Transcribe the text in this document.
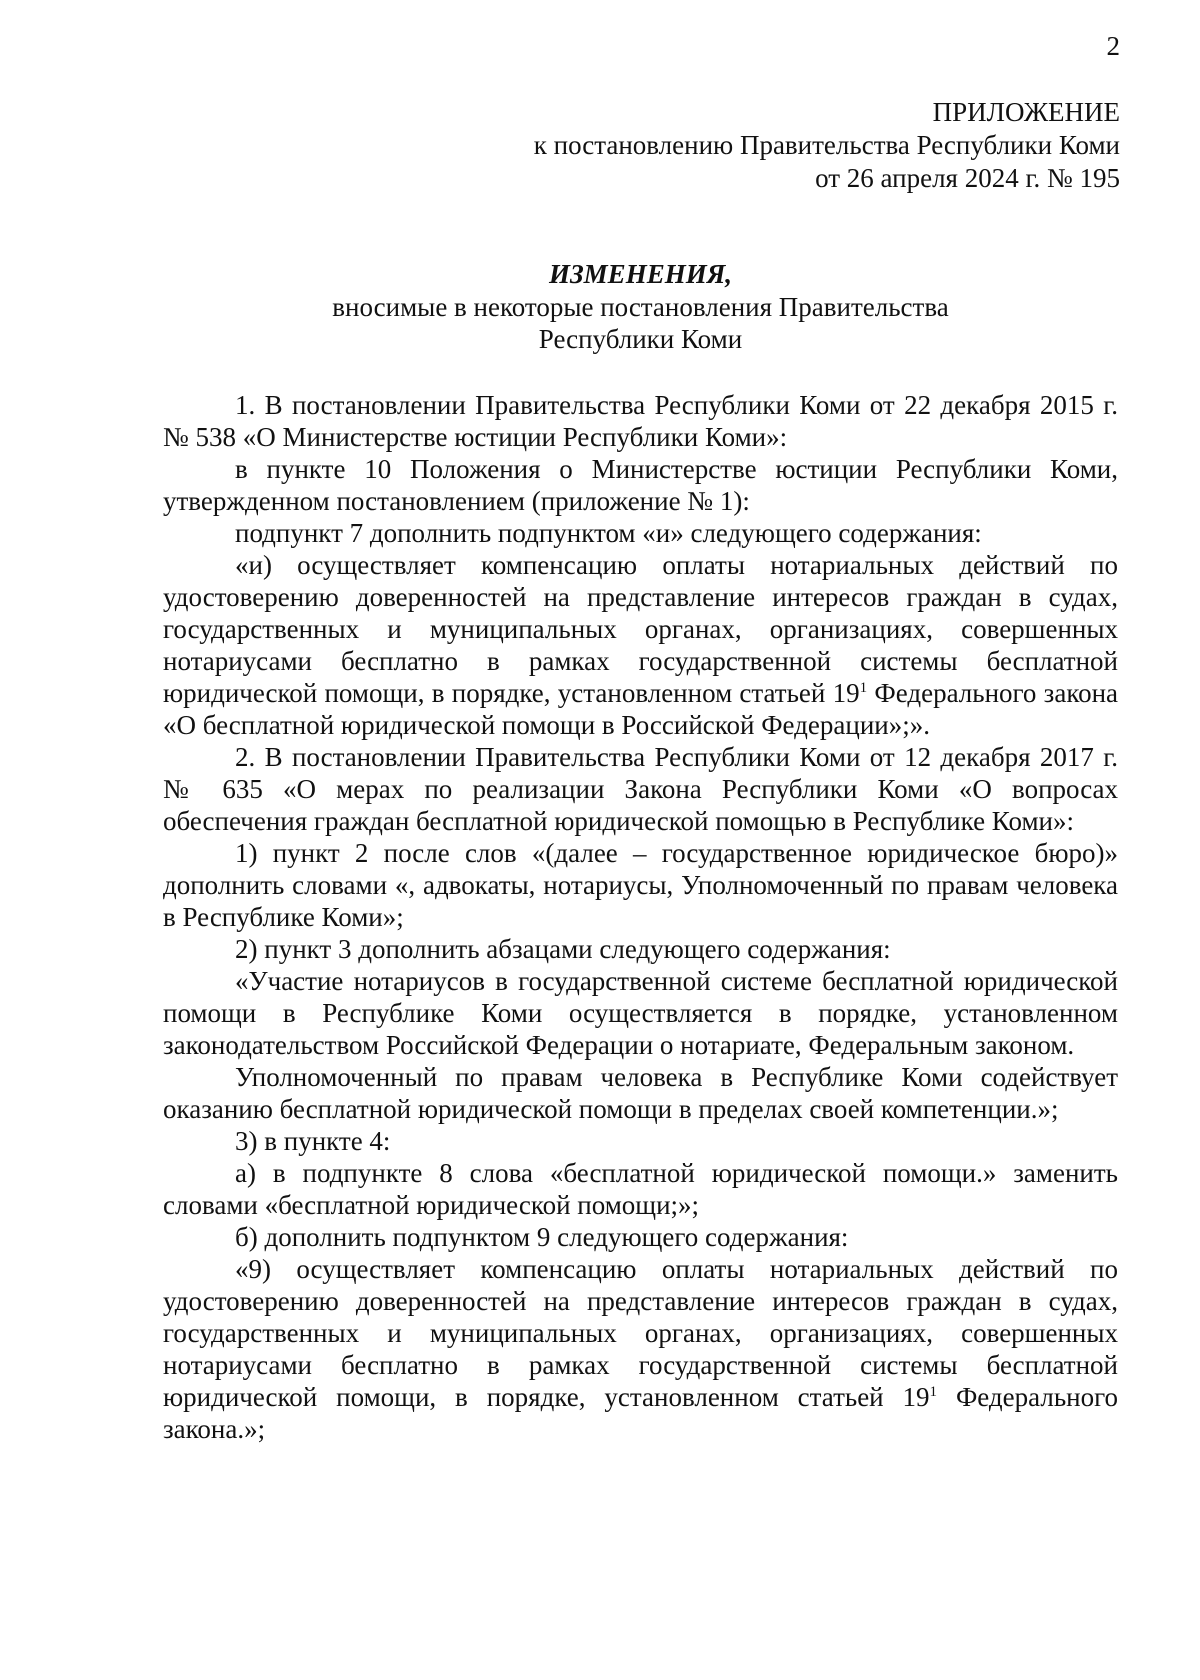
2
ПРИЛОЖЕНИЕ
к постановлению Правительства Республики Коми
от 26 апреля 2024 г. № 195
ИЗМЕНЕНИЯ,
вносимые в некоторые постановления Правительства
Республики Коми

1. В постановлении Правительства Республики Коми от 22 декабря 2015 г. № 538 «О Министерстве юстиции Республики Коми»:

в пункте 10 Положения о Министерстве юстиции Республики Коми, утвержденном постановлением (приложение № 1):

подпункт 7 дополнить подпунктом «и» следующего содержания:

«и) осуществляет компенсацию оплаты нотариальных действий по удостоверению доверенностей на представление интересов граждан в судах, государственных и муниципальных органах, организациях, совершенных нотариусами бесплатно в рамках государственной системы бесплатной юридической помощи, в порядке, установленном статьей $19^1$ Федерального закона «О бесплатной юридической помощи в Российской Федерации»;».

2. В постановлении Правительства Республики Коми от 12 декабря 2017 г. № 635 «О мерах по реализации Закона Республики Коми «О вопросах обеспечения граждан бесплатной юридической помощью в Республике Коми»:

1) пункт 2 после слов «(далее – государственное юридическое бюро)» дополнить словами «, адвокаты, нотариусы, Уполномоченный по правам человека в Республике Коми»;

2) пункт 3 дополнить абзацами следующего содержания:

«Участие нотариусов в государственной системе бесплатной юридической помощи в Республике Коми осуществляется в порядке, установленном законодательством Российской Федерации о нотариате, Федеральным законом.

Уполномоченный по правам человека в Республике Коми содействует оказанию бесплатной юридической помощи в пределах своей компетенции.»;

3) в пункте 4:

а) в подпункте 8 слова «бесплатной юридической помощи.» заменить словами «бесплатной юридической помощи;»;

б) дополнить подпунктом 9 следующего содержания:

«9) осуществляет компенсацию оплаты нотариальных действий по удостоверению доверенностей на представление интересов граждан в судах, государственных и муниципальных органах, организациях, совершенных нотариусами бесплатно в рамках государственной системы бесплатной юридической помощи, в порядке, установленном статьей $19^1$ Федерального закона.»;
